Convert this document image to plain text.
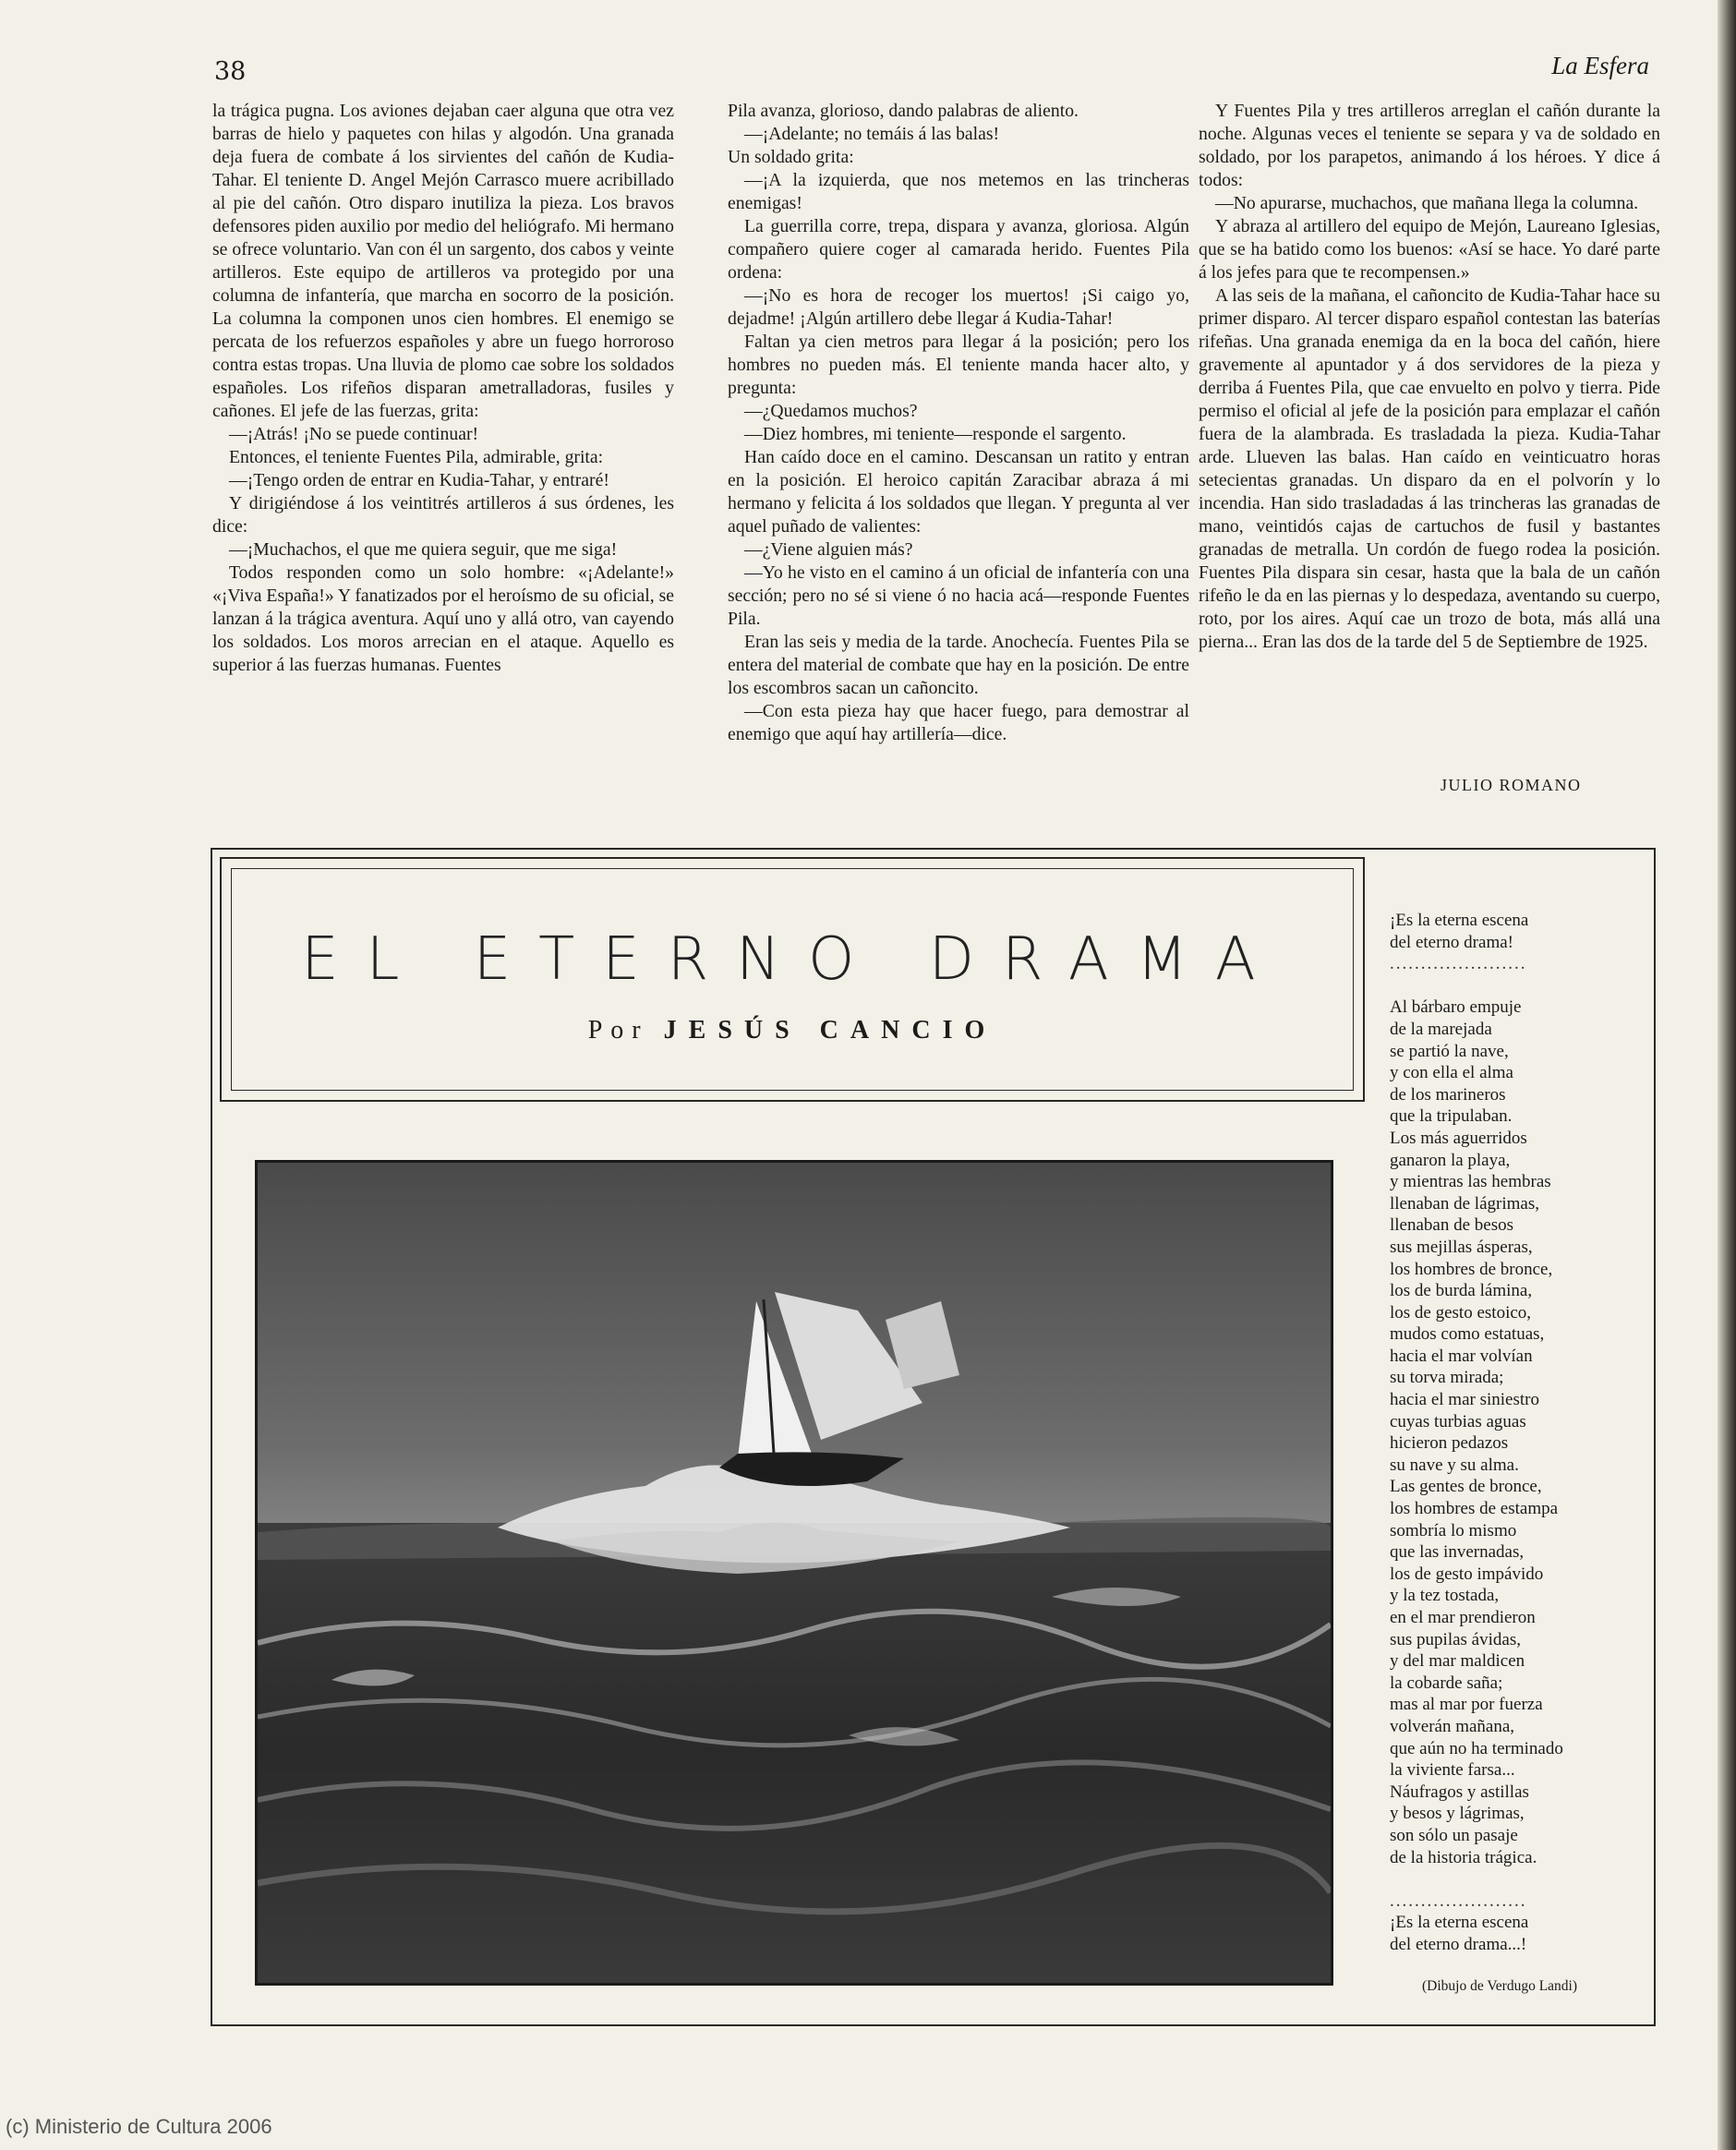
38	La Esfera

la trágica pugna. Los aviones dejaban caer alguna que otra vez barras de hielo y paquetes con hilas y algodón. Una granada deja fuera de combate á los sirvientes del cañón de Kudia-Tahar. El teniente D. Angel Mejón Carrasco muere acribillado al pie del cañón. Otro disparo inutiliza la pieza. Los bravos defensores piden auxilio por medio del heliógrafo. Mi hermano se ofrece voluntario. Van con él un sargento, dos cabos y veinte artilleros. Este equipo de artilleros va protegido por una columna de infantería, que marcha en socorro de la posición. La columna la componen unos cien hombres. El enemigo se percata de los refuerzos españoles y abre un fuego horroroso contra estas tropas. Una lluvia de plomo cae sobre los soldados españoles. Los rifeños disparan ametralladoras, fusiles y cañones. El jefe de las fuerzas, grita:

—¡Atrás! ¡No se puede continuar!

Entonces, el teniente Fuentes Pila, admirable, grita:

—¡Tengo orden de entrar en Kudia-Tahar, y entraré!

Y dirigiéndose á los veintitrés artilleros á sus órdenes, les dice:

—¡Muchachos, el que me quiera seguir, que me siga!

Todos responden como un solo hombre: «¡Adelante!» «¡Viva España!» Y fanatizados por el heroísmo de su oficial, se lanzan á la trágica aventura. Aquí uno y allá otro, van cayendo los soldados. Los moros arrecian en el ataque. Aquello es superior á las fuerzas humanas. Fuentes

Pila avanza, glorioso, dando palabras de aliento.

—¡Adelante; no temáis á las balas!

Un soldado grita:

—¡A la izquierda, que nos metemos en las trincheras enemigas!

La guerrilla corre, trepa, dispara y avanza, gloriosa. Algún compañero quiere coger al camarada herido. Fuentes Pila ordena:

—¡No es hora de recoger los muertos! ¡Si caigo yo, dejadme! ¡Algún artillero debe llegar á Kudia-Tahar!

Faltan ya cien metros para llegar á la posición; pero los hombres no pueden más. El teniente manda hacer alto, y pregunta:

—¿Quedamos muchos?

—Diez hombres, mi teniente—responde el sargento.

Han caído doce en el camino. Descansan un ratito y entran en la posición. El heroico capitán Zaracibar abraza á mi hermano y felicita á los soldados que llegan. Y pregunta al ver aquel puñado de valientes:

—¿Viene alguien más?

—Yo he visto en el camino á un oficial de infantería con una sección; pero no sé si viene ó no hacia acá—responde Fuentes Pila.

Eran las seis y media de la tarde. Anochecía. Fuentes Pila se entera del material de combate que hay en la posición. De entre los escombros sacan un cañoncito.

—Con esta pieza hay que hacer fuego, para demostrar al enemigo que aquí hay artillería—dice.

Y Fuentes Pila y tres artilleros arreglan el cañón durante la noche. Algunas veces el teniente se separa y va de soldado en soldado, por los parapetos, animando á los héroes. Y dice á todos:

—No apurarse, muchachos, que mañana llega la columna.

Y abraza al artillero del equipo de Mejón, Laureano Iglesias, que se ha batido como los buenos: «Así se hace. Yo daré parte á los jefes para que te recompensen.»

A las seis de la mañana, el cañoncito de Kudia-Tahar hace su primer disparo. Al tercer disparo español contestan las baterías rifeñas. Una granada enemiga da en la boca del cañón, hiere gravemente al apuntador y á dos servidores de la pieza y derriba á Fuentes Pila, que cae envuelto en polvo y tierra. Pide permiso el oficial al jefe de la posición para emplazar el cañón fuera de la alambrada. Es trasladada la pieza. Kudia-Tahar arde. Llueven las balas. Han caído en veinticuatro horas setecientas granadas. Un disparo da en el polvorín y lo incendia. Han sido trasladadas á las trincheras las granadas de mano, veintidós cajas de cartuchos de fusil y bastantes granadas de metralla. Un cordón de fuego rodea la posición. Fuentes Pila dispara sin cesar, hasta que la bala de un cañón rifeño le da en las piernas y lo despedaza, aventando su cuerpo, roto, por los aires. Aquí cae un trozo de bota, más allá una pierna... Eran las dos de la tarde del 5 de Septiembre de 1925.

JULIO ROMANO
EL ETERNO DRAMA
Por JESÚS CANCIO
¡Es la eterna escena
del eterno drama!
......................

Al bárbaro empuje
de la marejada
se partió la nave,
y con ella el alma
de los marineros
que la tripulaban.
Los más aguerridos
ganaron la playa,
y mientras las hembras
llenaban de lágrimas,
llenaban de besos
sus mejillas ásperas,
los hombres de bronce,
los de burda lámina,
los de gesto estoico,
mudos como estatuas,
hacia el mar volvían
su torva mirada;
hacia el mar siniestro
cuyas turbias aguas
hicieron pedazos
su nave y su alma.
Las gentes de bronce,
los hombres de estampa
sombría lo mismo
que las invernadas,
los de gesto impávido
y la tez tostada,
en el mar prendieron
sus pupilas ávidas,
y del mar maldicen
la cobarde saña;
mas al mar por fuerza
volverán mañana,
que aún no ha terminado
la viviente farsa...
Náufragos y astillas
y besos y lágrimas,
son sólo un pasaje
de la historia trágica.

......................
¡Es la eterna escena
del eterno drama...!
(Dibujo de Verdugo Landi)
(c) Ministerio de Cultura 2006
